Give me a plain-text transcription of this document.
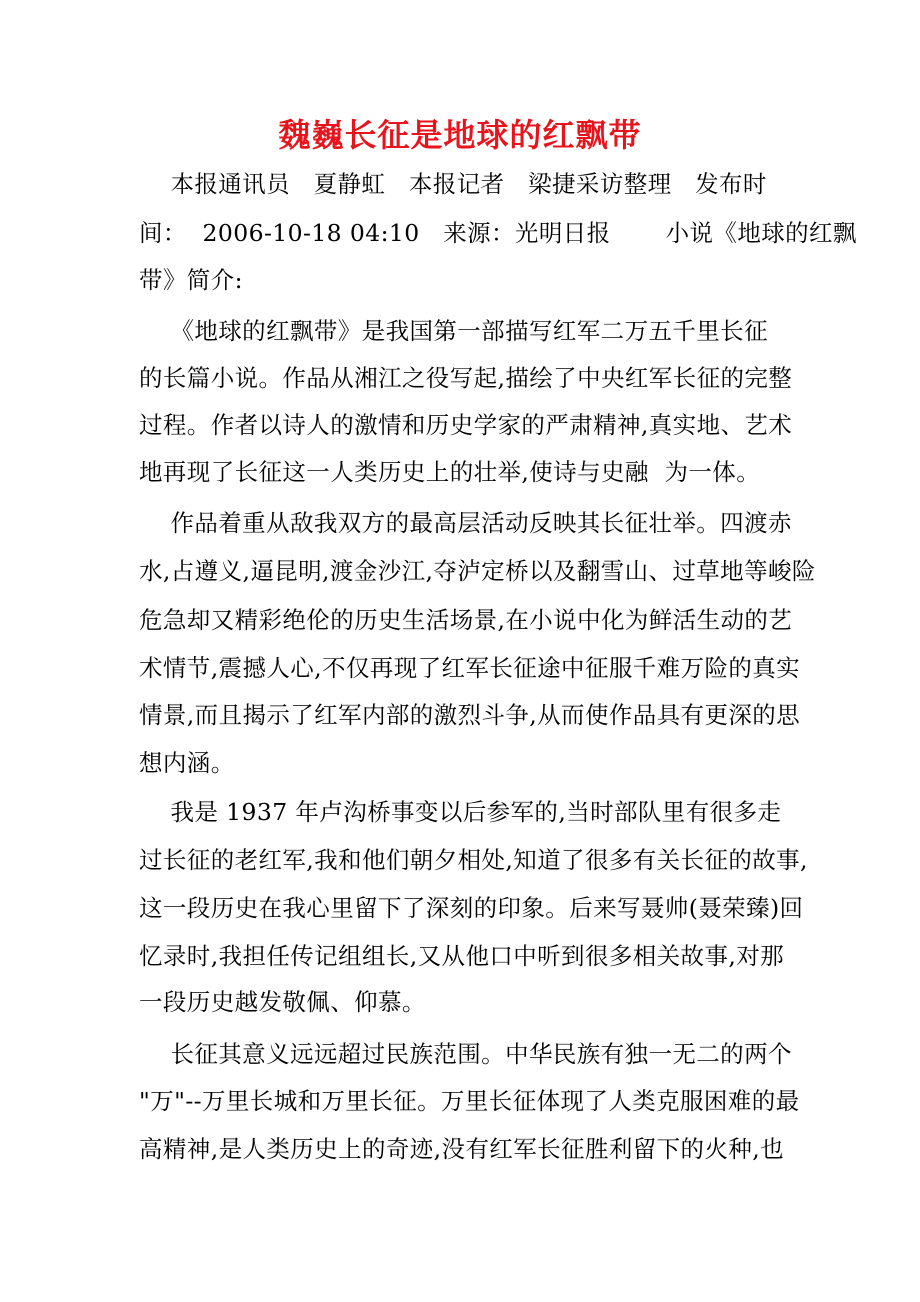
魏巍长征是地球的红飘带
本报通讯员   夏静虹   本报记者   梁捷采访整理   发布时
间：  2006-10-18 04:10   来源：光明日报       小说《地球的红飘
带》简介:
《地球的红飘带》是我国第一部描写红军二万五千里长征
的长篇小说。作品从湘江之役写起,描绘了中央红军长征的完整
过程。作者以诗人的激情和历史学家的严肃精神,真实地、艺术
地再现了长征这一人类历史上的壮举,使诗与史融  为一体。
作品着重从敌我双方的最高层活动反映其长征壮举。四渡赤
水,占遵义,逼昆明,渡金沙江,夺泸定桥以及翻雪山、过草地等峻险
危急却又精彩绝伦的历史生活场景,在小说中化为鲜活生动的艺
术情节,震撼人心,不仅再现了红军长征途中征服千难万险的真实
情景,而且揭示了红军内部的激烈斗争,从而使作品具有更深的思
想内涵。
我是 1937 年卢沟桥事变以后参军的,当时部队里有很多走
过长征的老红军,我和他们朝夕相处,知道了很多有关长征的故事,
这一段历史在我心里留下了深刻的印象。后来写聂帅(聂荣臻)回
忆录时,我担任传记组组长,又从他口中听到很多相关故事,对那
一段历史越发敬佩、仰慕。
长征其意义远远超过民族范围。中华民族有独一无二的两个
"万"--万里长城和万里长征。万里长征体现了人类克服困难的最
高精神,是人类历史上的奇迹,没有红军长征胜利留下的火种,也
